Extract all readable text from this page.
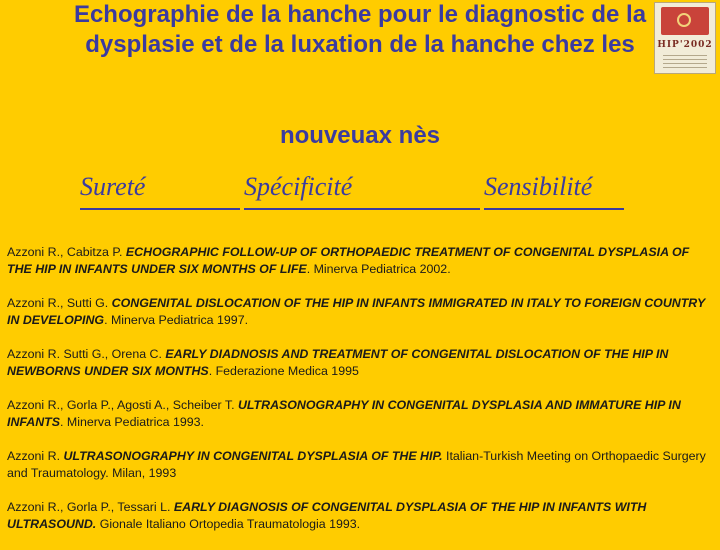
Echographie de la hanche pour le diagnostic de la dysplasie et de la luxation de la hanche chez les
nouveuax nès
HIP'2002
Sureté	Spécificité	Sensibilité

Azzoni R., Cabitza P. ECHOGRAPHIC FOLLOW-UP OF ORTHOPAEDIC TREATMENT OF CONGENITAL DYSPLASIA OF THE HIP IN INFANTS UNDER SIX MONTHS OF LIFE. Minerva Pediatrica 2002.

Azzoni R., Sutti G. CONGENITAL DISLOCATION OF THE HIP IN INFANTS IMMIGRATED IN ITALY TO FOREIGN COUNTRY IN DEVELOPING. Minerva Pediatrica 1997.

Azzoni R. Sutti G., Orena C. EARLY DIADNOSIS AND TREATMENT OF CONGENITAL DISLOCATION OF THE HIP IN NEWBORNS UNDER SIX MONTHS. Federazione Medica 1995

Azzoni R., Gorla P., Agosti A., Scheiber T. ULTRASONOGRAPHY IN CONGENITAL DYSPLASIA AND IMMATURE HIP IN INFANTS. Minerva Pediatrica 1993.

Azzoni R. ULTRASONOGRAPHY IN CONGENITAL DYSPLASIA OF THE HIP. Italian-Turkish Meeting on Orthopaedic Surgery and Traumatology. Milan, 1993

Azzoni R., Gorla P., Tessari L. EARLY DIAGNOSIS OF CONGENITAL DYSPLASIA OF THE HIP IN INFANTS WITH ULTRASOUND. Gionale Italiano Ortopedia Traumatologia 1993.
